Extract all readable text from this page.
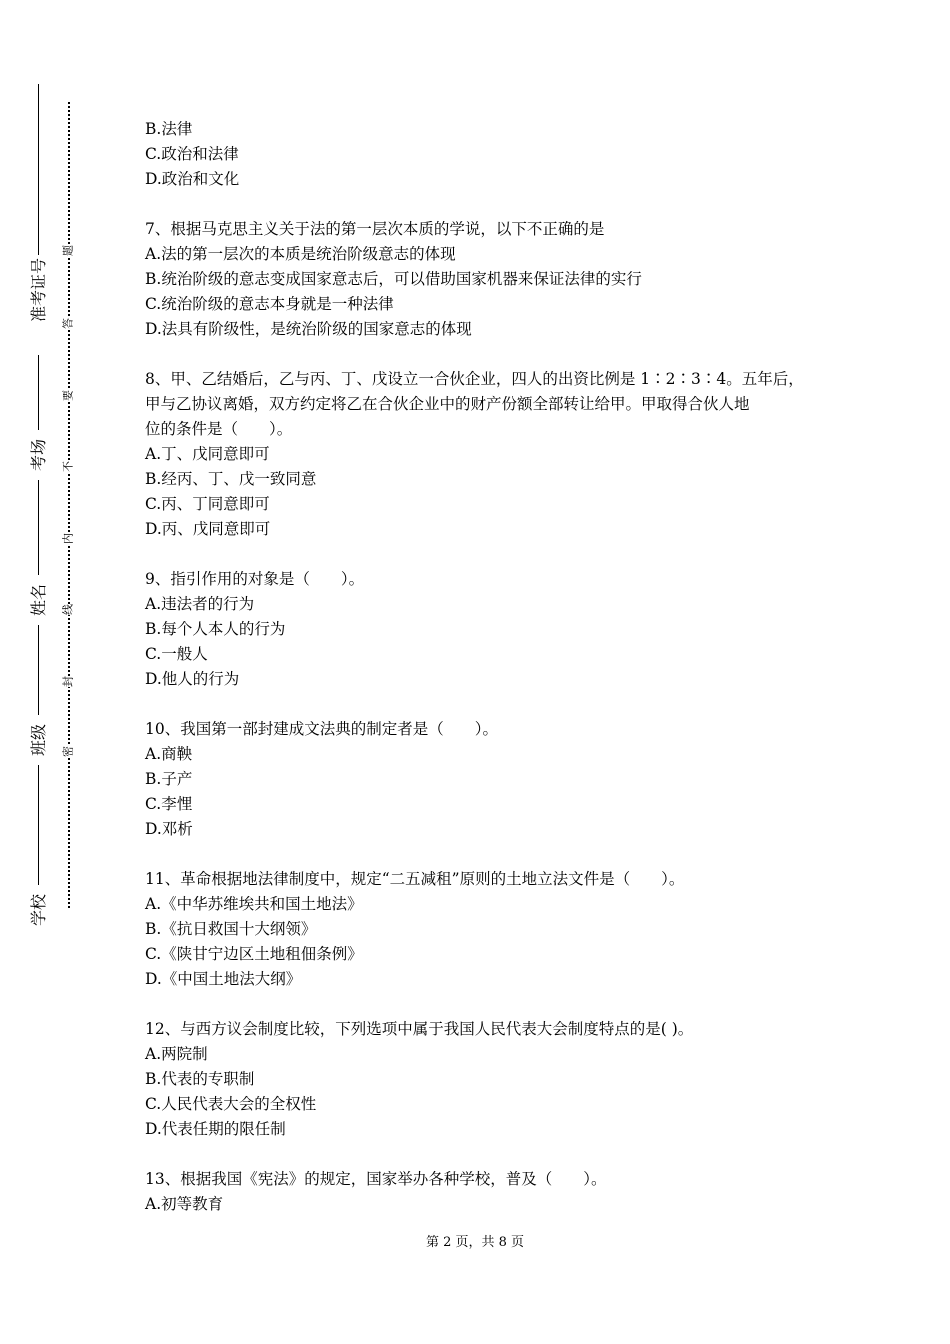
准考证号
考场
姓名
班级
学校
题
答
要
不
内
线
封
密
B.法律
C.政治和法律
D.政治和文化
7、根据马克思主义关于法的第一层次本质的学说，以下不正确的是
A.法的第一层次的本质是统治阶级意志的体现
B.统治阶级的意志变成国家意志后，可以借助国家机器来保证法律的实行
C.统治阶级的意志本身就是一种法律
D.法具有阶级性，是统治阶级的国家意志的体现
8、甲、乙结婚后，乙与丙、丁、戊设立一合伙企业，四人的出资比例是 1∶2∶3∶4。五年后，
甲与乙协议离婚，双方约定将乙在合伙企业中的财产份额全部转让给甲。甲取得合伙人地
位的条件是（　　）。
A.丁、戊同意即可
B.经丙、丁、戊一致同意
C.丙、丁同意即可
D.丙、戊同意即可
9、指引作用的对象是（　　）。
A.违法者的行为
B.每个人本人的行为
C.一般人
D.他人的行为
10、我国第一部封建成文法典的制定者是（　　）。
A.商鞅
B.子产
C.李悝
D.邓析
11、革命根据地法律制度中，规定“二五减租”原则的土地立法文件是（　　）。
A.《中华苏维埃共和国土地法》
B.《抗日救国十大纲领》
C.《陕甘宁边区土地租佃条例》
D.《中国土地法大纲》
12、与西方议会制度比较，下列选项中属于我国人民代表大会制度特点的是( )。
A.两院制
B.代表的专职制
C.人民代表大会的全权性
D.代表任期的限任制
13、根据我国《宪法》的规定，国家举办各种学校，普及（　　）。
A.初等教育
第 2 页，共 8 页
